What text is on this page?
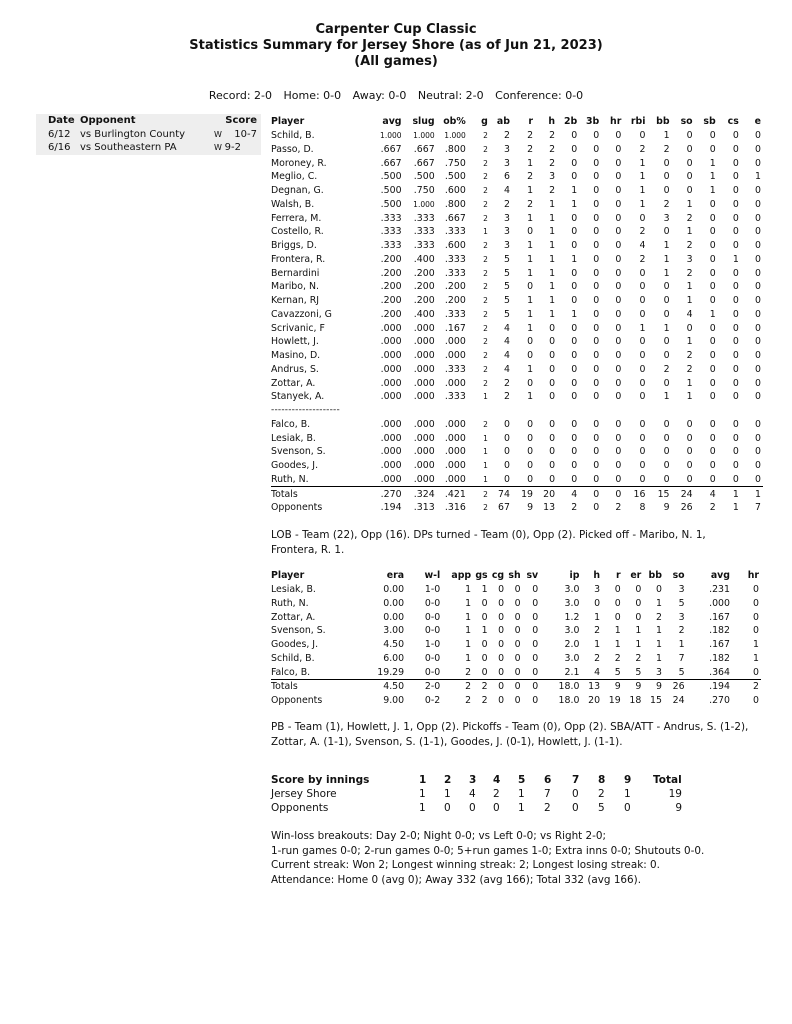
Carpenter Cup Classic
Statistics Summary for Jersey Shore (as of Jun 21, 2023)
(All games)
Record: 2-0 Home: 0-0 Away: 0-0 Neutral: 2-0 Conference: 0-0
Date Opponent	Score
6/12 vs Burlington County	W 10-7
6/16 vs Southeastern PA	W 9-2
Player	avg	slug	ob%	g	ab	r	h	2b	3b	hr	rbi	bb	so	sb	cs	e
Schild, B.	1.000	1.000	1.000	2	2	2	2	0	0	0	0	1	0	0	0	0
Passo, D.	.667	.667	.800	2	3	2	2	0	0	0	2	2	0	0	0	0
Moroney, R.	.667	.667	.750	2	3	1	2	0	0	0	1	0	0	1	0	0
Meglio, C.	.500	.500	.500	2	6	2	3	0	0	0	1	0	0	1	0	1
Degnan, G.	.500	.750	.600	2	4	1	2	1	0	0	1	0	0	1	0	0
Walsh, B.	.500	1.000	.800	2	2	2	1	1	0	0	1	2	1	0	0	0
Ferrera, M.	.333	.333	.667	2	3	1	1	0	0	0	0	3	2	0	0	0
Costello, R.	.333	.333	.333	1	3	0	1	0	0	0	2	0	1	0	0	0
Briggs, D.	.333	.333	.600	2	3	1	1	0	0	0	4	1	2	0	0	0
Frontera, R.	.200	.400	.333	2	5	1	1	1	0	0	2	1	3	0	1	0
Bernardini	.200	.200	.333	2	5	1	1	0	0	0	0	1	2	0	0	0
Maribo, N.	.200	.200	.200	2	5	0	1	0	0	0	0	0	1	0	0	0
Kernan, RJ	.200	.200	.200	2	5	1	1	0	0	0	0	0	1	0	0	0
Cavazzoni, G	.200	.400	.333	2	5	1	1	1	0	0	0	0	4	1	0	0
Scrivanic, F	.000	.000	.167	2	4	1	0	0	0	0	1	1	0	0	0	0
Howlett, J.	.000	.000	.000	2	4	0	0	0	0	0	0	0	1	0	0	0
Masino, D.	.000	.000	.000	2	4	0	0	0	0	0	0	0	2	0	0	0
Andrus, S.	.000	.000	.333	2	4	1	0	0	0	0	0	2	2	0	0	0
Zottar, A.	.000	.000	.000	2	2	0	0	0	0	0	0	0	1	0	0	0
Stanyek, A.	.000	.000	.333	1	2	1	0	0	0	0	0	1	1	0	0	0
--------------------																
Falco, B.	.000	.000	.000	2	0	0	0	0	0	0	0	0	0	0	0	0
Lesiak, B.	.000	.000	.000	1	0	0	0	0	0	0	0	0	0	0	0	0
Svenson, S.	.000	.000	.000	1	0	0	0	0	0	0	0	0	0	0	0	0
Goodes, J.	.000	.000	.000	1	0	0	0	0	0	0	0	0	0	0	0	0
Ruth, N.	.000	.000	.000	1	0	0	0	0	0	0	0	0	0	0	0	0
Totals	.270	.324	.421	2	74	19	20	4	0	0	16	15	24	4	1	1
Opponents	.194	.313	.316	2	67	9	13	2	0	2	8	9	26	2	1	7
LOB - Team (22), Opp (16). DPs turned - Team (0), Opp (2). Picked off - Maribo, N. 1, Frontera, R. 1.
Player	era	w-l	app	gs	cg	sh	sv	ip	h	r	er	bb	so	avg	hr
Lesiak, B.	0.00	1-0	1	1	0	0	0	3.0	3	0	0	0	3	.231	0
Ruth, N.	0.00	0-0	1	0	0	0	0	3.0	0	0	0	1	5	.000	0
Zottar, A.	0.00	0-0	1	0	0	0	0	1.2	1	0	0	2	3	.167	0
Svenson, S.	3.00	0-0	1	1	0	0	0	3.0	2	1	1	1	2	.182	0
Goodes, J.	4.50	1-0	1	0	0	0	0	2.0	1	1	1	1	1	.167	1
Schild, B.	6.00	0-0	1	0	0	0	0	3.0	2	2	2	1	7	.182	1
Falco, B.	19.29	0-0	2	0	0	0	0	2.1	4	5	5	3	5	.364	0
Totals	4.50	2-0	2	2	0	0	0	18.0	13	9	9	9	26	.194	2
Opponents	9.00	0-2	2	2	0	0	0	18.0	20	19	18	15	24	.270	0
PB - Team (1), Howlett, J. 1, Opp (2). Pickoffs - Team (0), Opp (2). SBA/ATT - Andrus, S. (1-2), Zottar, A. (1-1), Svenson, S. (1-1), Goodes, J. (0-1), Howlett, J. (1-1).
Score by innings	1 2 3 4 5 6 7 8 9 Total
Jersey Shore	1 1 4 2 1 7 0 2 1	19
Opponents	1 0 0 0 1 2 0 5 0	9
Win-loss breakouts: Day 2-0; Night 0-0; vs Left 0-0; vs Right 2-0;
1-run games 0-0; 2-run games 0-0; 5+run games 1-0; Extra inns 0-0; Shutouts 0-0.
Current streak: Won 2; Longest winning streak: 2; Longest losing streak: 0.
Attendance: Home 0 (avg 0); Away 332 (avg 166); Total 332 (avg 166).
